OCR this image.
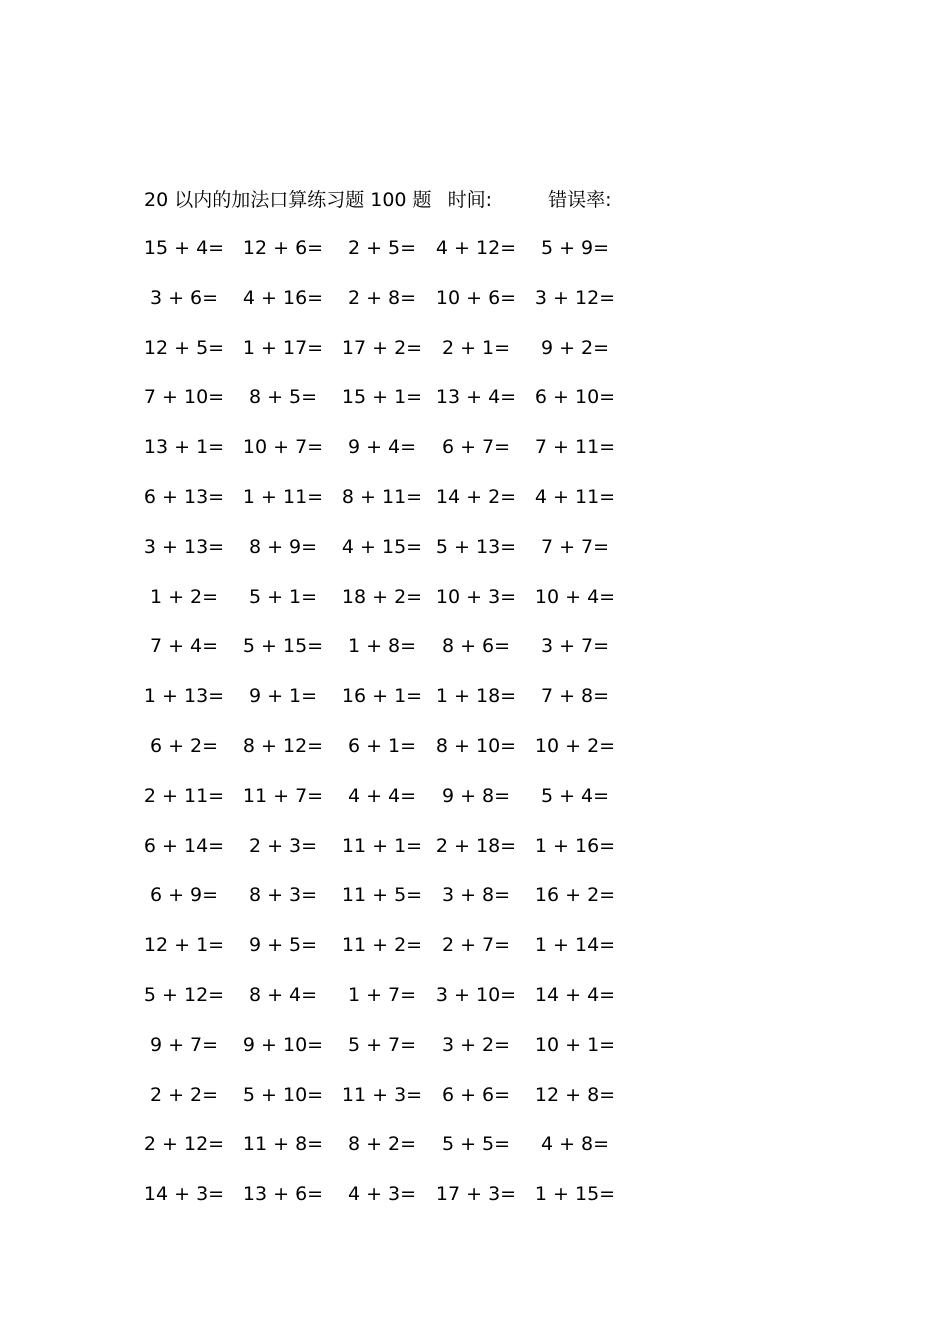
20 以内的加法口算练习题 100 题 时间:	错误率:
15 + 4= 12 + 6=	2 + 5=	4 + 12=	5 + 9=
3 + 6=	4 + 16=	2 + 8=	10 + 6= 3 + 12=
12 + 5= 1 + 17= 17 + 2=	2 + 1=	9 + 2=
7 + 10=	8 + 5=	15 + 1= 13 + 4= 6 + 10=
13 + 1= 10 + 7=	9 + 4=	6 + 7=	7 + 11=
6 + 13= 1 + 11= 8 + 11= 14 + 2= 4 + 11=
3 + 13=	8 + 9=	4 + 15= 5 + 13=	7 + 7=
1 + 2=	5 + 1=	18 + 2= 10 + 3= 10 + 4=
7 + 4=	5 + 15=	1 + 8=	8 + 6=	3 + 7=
1 + 13=	9 + 1=	16 + 1= 1 + 18=	7 + 8=
6 + 2=	8 + 12=	6 + 1=	8 + 10= 10 + 2=
2 + 11= 11 + 7=	4 + 4=	9 + 8=	5 + 4=
6 + 14=	2 + 3=	11 + 1= 2 + 18= 1 + 16=
6 + 9=	8 + 3=	11 + 5=	3 + 8=	16 + 2=
12 + 1=	9 + 5=	11 + 2=	2 + 7=	1 + 14=
5 + 12=	8 + 4=	1 + 7=	3 + 10= 14 + 4=
9 + 7=	9 + 10=	5 + 7=	3 + 2=	10 + 1=
2 + 2=	5 + 10= 11 + 3=	6 + 6=	12 + 8=
2 + 12= 11 + 8=	8 + 2=	5 + 5=	4 + 8=
14 + 3= 13 + 6=	4 + 3=	17 + 3= 1 + 15=
